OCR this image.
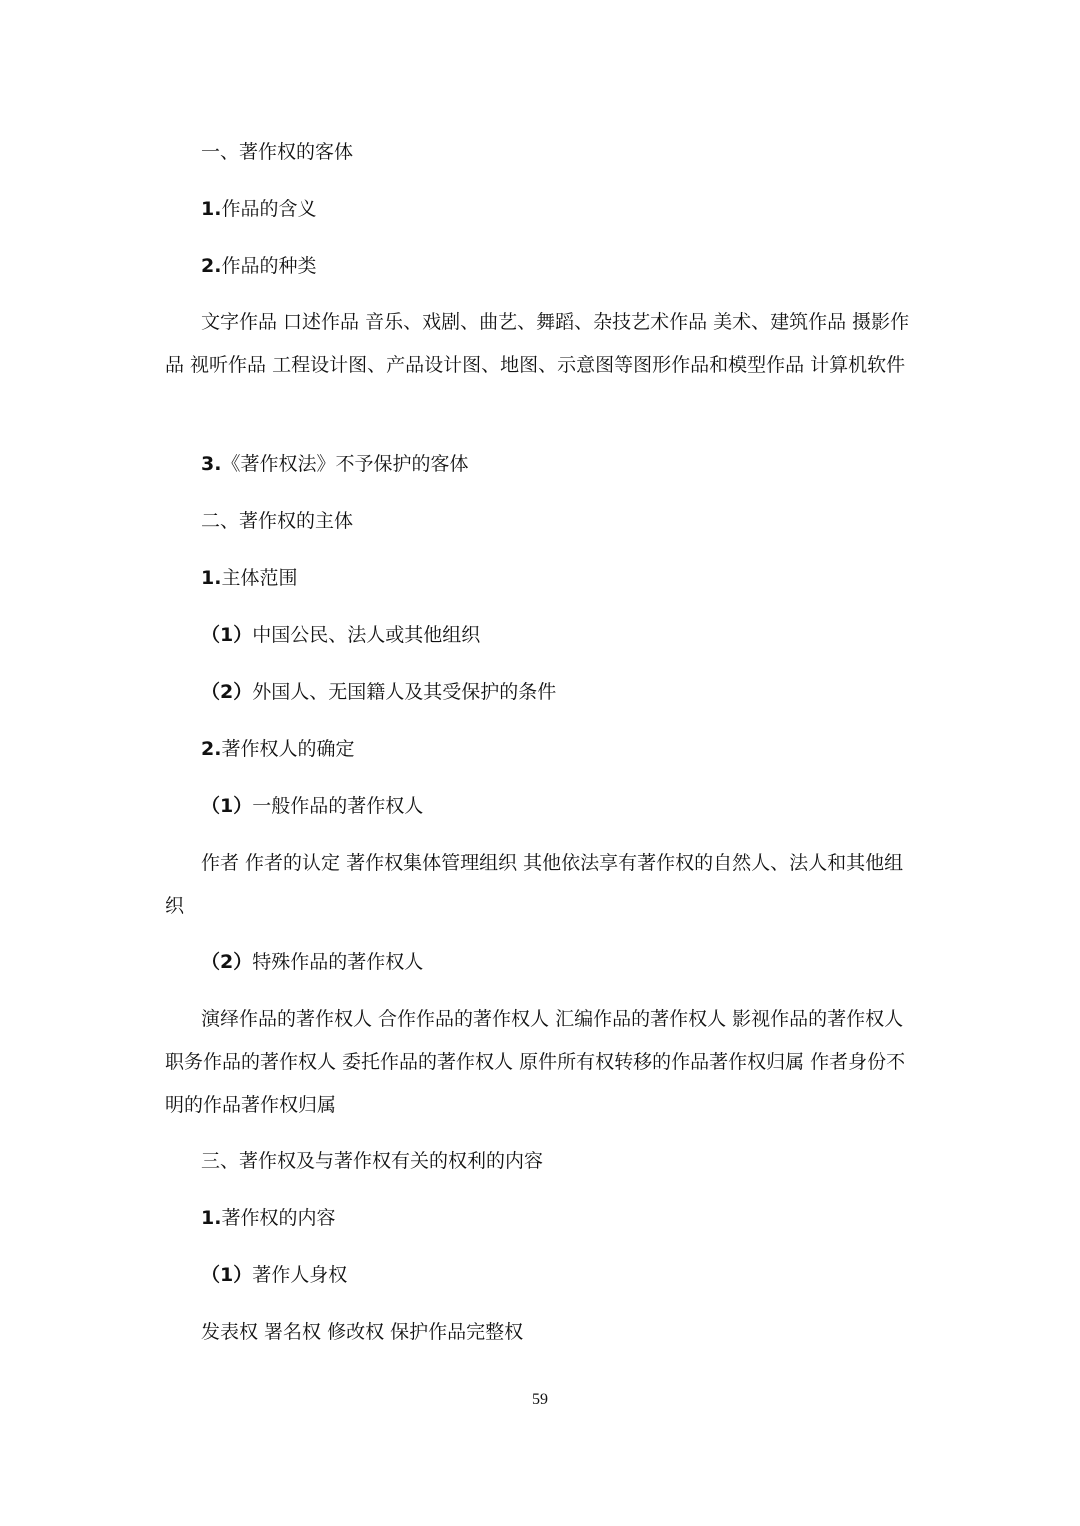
一、著作权的客体
1.作品的含义
2.作品的种类
文字作品 口述作品 音乐、戏剧、曲艺、舞蹈、杂技艺术作品 美术、建筑作品 摄影作品 视听作品 工程设计图、产品设计图、地图、示意图等图形作品和模型作品 计算机软件
3.《著作权法》不予保护的客体
二、著作权的主体
1.主体范围
（1）中国公民、法人或其他组织
（2）外国人、无国籍人及其受保护的条件
2.著作权人的确定
（1）一般作品的著作权人
作者 作者的认定 著作权集体管理组织 其他依法享有著作权的自然人、法人和其他组织
（2）特殊作品的著作权人
演绎作品的著作权人 合作作品的著作权人 汇编作品的著作权人 影视作品的著作权人 职务作品的著作权人 委托作品的著作权人 原件所有权转移的作品著作权归属 作者身份不明的作品著作权归属
三、著作权及与著作权有关的权利的内容
1.著作权的内容
（1）著作人身权
发表权 署名权 修改权 保护作品完整权
59
